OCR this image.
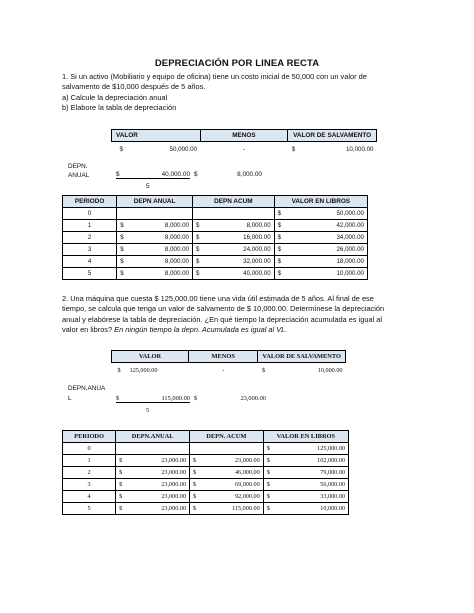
DEPRECIACIÓN POR LINEA RECTA
1. Si un activo (Mobiliario y equipo de oficina) tiene un costo inicial de 50,000 con un valor de
salvamento de $10,000 después de 5 años.
a) Calcule la depreciación anual
b) Elabore la tabla de depreciación
VALOR	MENOS	VALOR DE SALVAMENTO

$ 50,000.00	-	$ 10,000.00
DEPN.
ANUAL	$	40,000.00 $	8,000.00
5
PERIODO	DEPN ANUAL	DEPN ACUM	VALOR EN LIBROS
0			$ 50,000.00

1	$ 8,000.00	$ 8,000.00	$ 42,000.00

2	$ 8,000.00	$ 16,000.00	$ 34,000.00

3	$ 8,000.00	$ 24,000.00	$ 26,000.00

4	$ 8,000.00	$ 32,000.00	$ 18,000.00

5	$ 8,000.00	$ 40,000.00	$ 10,000.00
2. Una máquina que cuesta $ 125,000.00 tiene una vida útil estimada de 5 años. Al final de ese
tiempo, se calcula que tenga un valor de salvamento de $ 10,000.00. Determínese la depreciación
anual y elabórese la tabla de depreciación. ¿En qué tiempo la depreciación acumulada es igual al
valor en libros? En ningún tiempo la depn. Acumulada es igual al VL.
VALOR	MENOS	VALOR DE SALVAMENTO

$ 125,000.00	-	$ 10,000.00
DEPN.ANUA
L	$	115,000.00 $	23,000.00
5
PERIODO	DEPN.ANUAL	DEPN. ACUM	VALOR EN LIBROS
0			$ 125,000.00

1	$ 23,000.00	$ 23,000.00	$ 102,000.00

2	$ 23,000.00	$ 46,000.00	$ 79,000.00

3	$ 23,000.00	$ 69,000.00	$ 56,000.00

4	$ 23,000.00	$ 92,000.00	$ 33,000.00

5	$ 23,000.00	$ 115,000.00	$ 10,000.00
